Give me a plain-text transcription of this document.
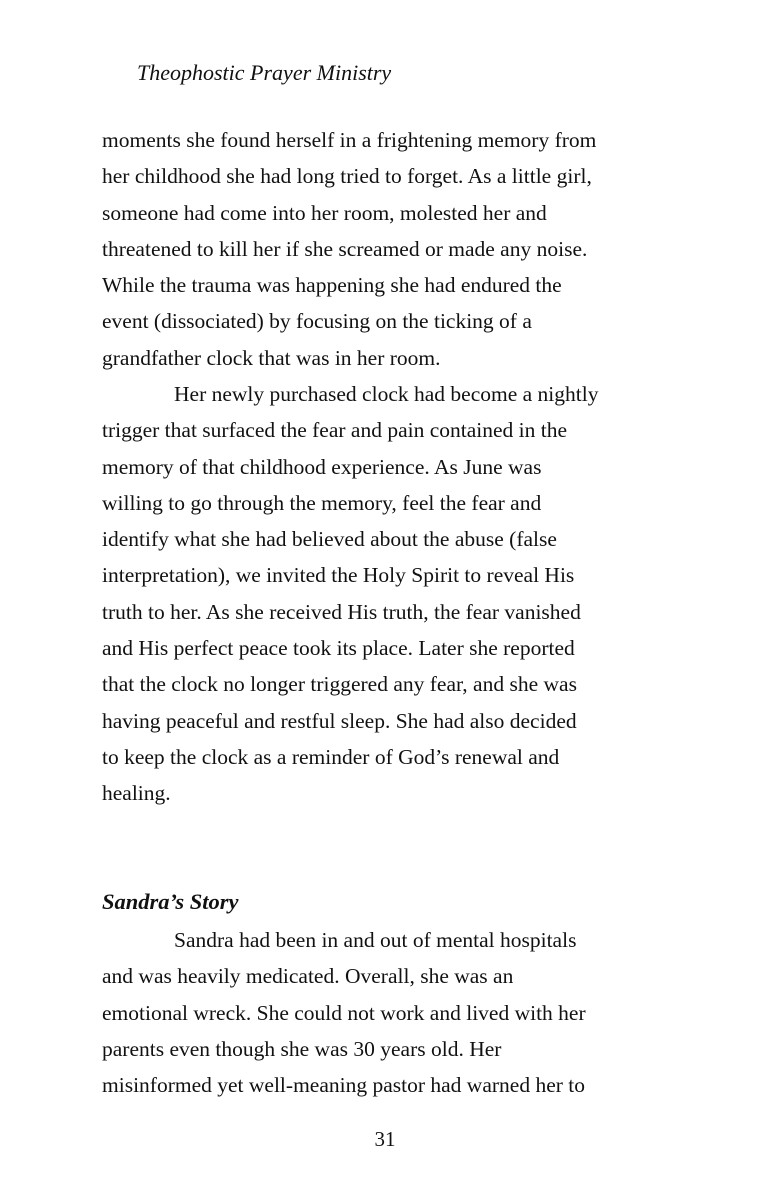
Theophostic Prayer Ministry
moments she found herself in a frightening memory from
her childhood she had long tried to forget. As a little girl,
someone had come into her room, molested her and
threatened to kill her if she screamed or made any noise.
While the trauma was happening she had endured the
event (dissociated) by focusing on the ticking of a
grandfather clock that was in her room.
Her newly purchased clock had become a nightly
trigger that surfaced the fear and pain contained in the
memory of that childhood experience. As June was
willing to go through the memory, feel the fear and
identify what she had believed about the abuse (false
interpretation), we invited the Holy Spirit to reveal His
truth to her. As she received His truth, the fear vanished
and His perfect peace took its place. Later she reported
that the clock no longer triggered any fear, and she was
having peaceful and restful sleep. She had also decided
to keep the clock as a reminder of God’s renewal and
healing.
Sandra’s Story
Sandra had been in and out of mental hospitals
and was heavily medicated. Overall, she was an
emotional wreck. She could not work and lived with her
parents even though she was 30 years old. Her
misinformed yet well-meaning pastor had warned her to
31
